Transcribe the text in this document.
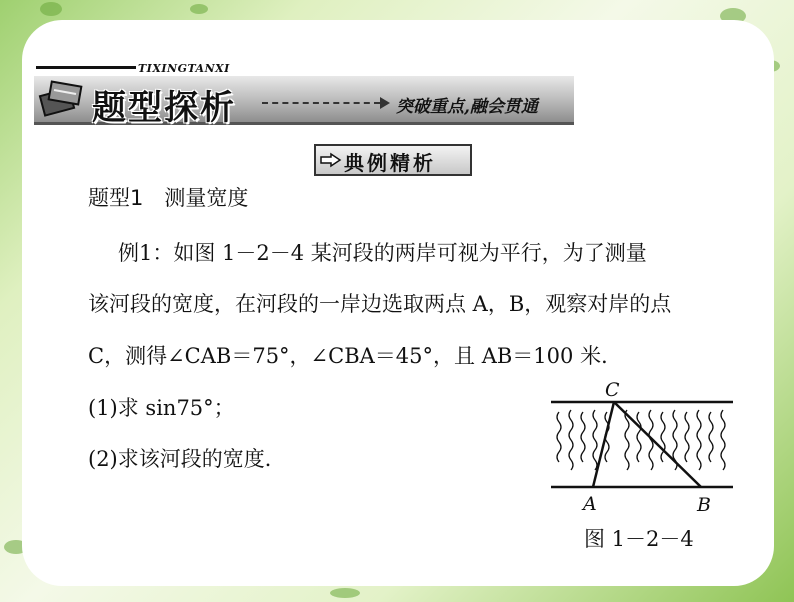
TIXINGTANXI
题型探析	突破重点,融会贯通
典例精析
题型1　测量宽度
例1：如图 1－2－4 某河段的两岸可视为平行，为了测量
该河段的宽度，在河段的一岸边选取两点 A，B，观察对岸的点
C，测得∠CAB＝75°，∠CBA＝45°，且 AB＝100 米．
(1)求 sin75°；
(2)求该河段的宽度．
C
A	B
图 1－2－4
